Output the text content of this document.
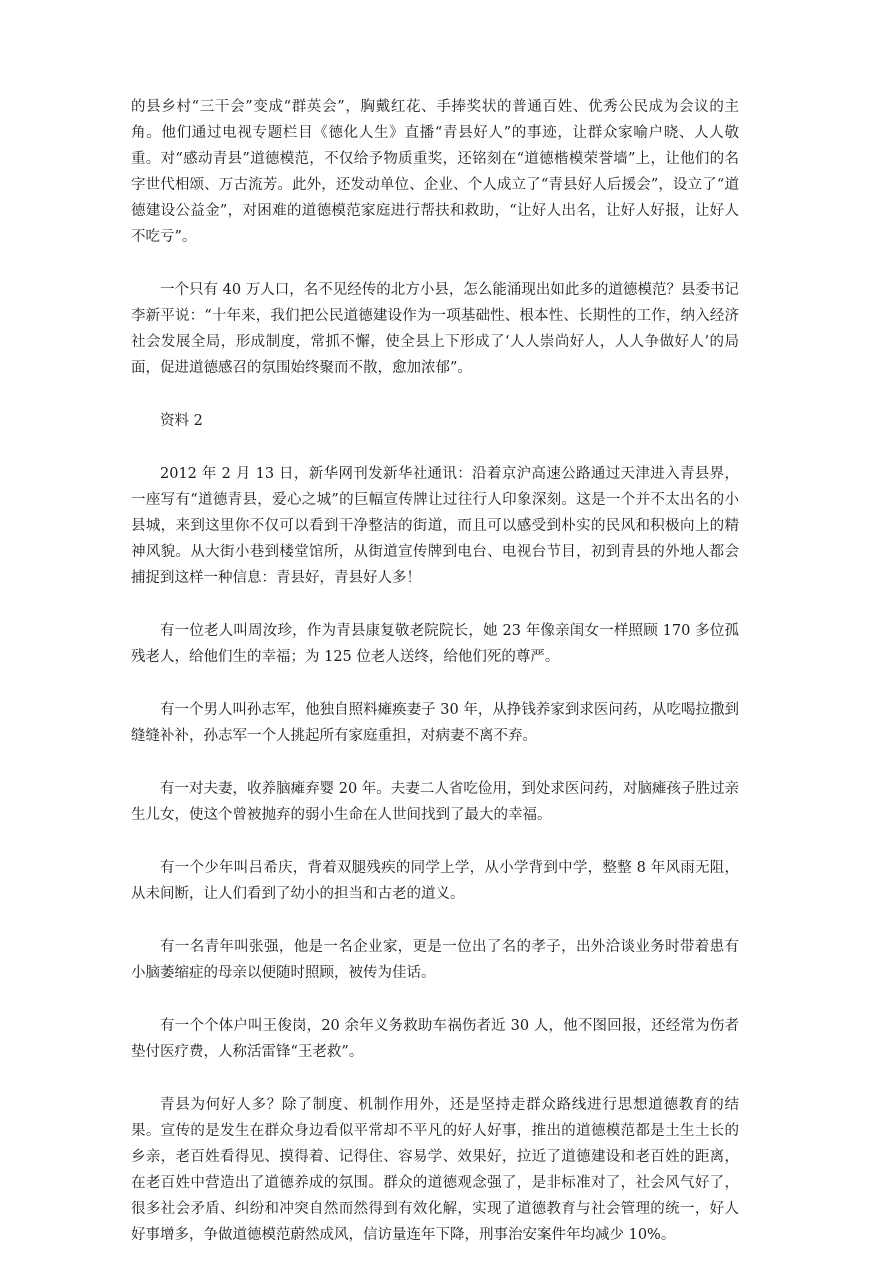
的县乡村“三干会”变成“群英会”，胸戴红花、手捧奖状的普通百姓、优秀公民成为会议的主角。他们通过电视专题栏目《德化人生》直播“青县好人”的事迹，让群众家喻户晓、人人敬重。对“感动青县”道德模范，不仅给予物质重奖，还铭刻在“道德楷模荣誉墙”上，让他们的名字世代相颂、万古流芳。此外，还发动单位、企业、个人成立了“青县好人后援会”，设立了“道德建设公益金”，对困难的道德模范家庭进行帮扶和救助，“让好人出名，让好人好报，让好人不吃亏”。

一个只有 40 万人口，名不见经传的北方小县，怎么能涌现出如此多的道德模范？县委书记李新平说：“十年来，我们把公民道德建设作为一项基础性、根本性、长期性的工作，纳入经济社会发展全局，形成制度，常抓不懈，使全县上下形成了‘人人崇尚好人，人人争做好人’的局面，促进道德感召的氛围始终聚而不散，愈加浓郁”。

资料 2

2012 年 2 月 13 日，新华网刊发新华社通讯：沿着京沪高速公路通过天津进入青县界，一座写有“道德青县，爱心之城”的巨幅宣传牌让过往行人印象深刻。这是一个并不太出名的小县城，来到这里你不仅可以看到干净整洁的街道，而且可以感受到朴实的民风和积极向上的精神风貌。从大街小巷到楼堂馆所，从街道宣传牌到电台、电视台节目，初到青县的外地人都会捕捉到这样一种信息：青县好，青县好人多！

有一位老人叫周汝珍，作为青县康复敬老院院长，她 23 年像亲闺女一样照顾 170 多位孤残老人，给他们生的幸福；为 125 位老人送终，给他们死的尊严。

有一个男人叫孙志军，他独自照料瘫痪妻子 30 年，从挣钱养家到求医问药，从吃喝拉撒到缝缝补补，孙志军一个人挑起所有家庭重担，对病妻不离不弃。

有一对夫妻，收养脑瘫弃婴 20 年。夫妻二人省吃俭用，到处求医问药，对脑瘫孩子胜过亲生儿女，使这个曾被抛弃的弱小生命在人世间找到了最大的幸福。

有一个少年叫吕希庆，背着双腿残疾的同学上学，从小学背到中学，整整 8 年风雨无阻，从未间断，让人们看到了幼小的担当和古老的道义。

有一名青年叫张强，他是一名企业家，更是一位出了名的孝子，出外洽谈业务时带着患有小脑萎缩症的母亲以便随时照顾，被传为佳话。

有一个个体户叫王俊岗，20 余年义务救助车祸伤者近 30 人，他不图回报，还经常为伤者垫付医疗费，人称活雷锋“王老救”。

青县为何好人多？除了制度、机制作用外，还是坚持走群众路线进行思想道德教育的结果。宣传的是发生在群众身边看似平常却不平凡的好人好事，推出的道德模范都是土生土长的乡亲，老百姓看得见、摸得着、记得住、容易学、效果好，拉近了道德建设和老百姓的距离，在老百姓中营造出了道德养成的氛围。群众的道德观念强了，是非标准对了，社会风气好了，很多社会矛盾、纠纷和冲突自然而然得到有效化解，实现了道德教育与社会管理的统一，好人好事增多，争做道德模范蔚然成风，信访量连年下降，刑事治安案件年均减少 10%。
